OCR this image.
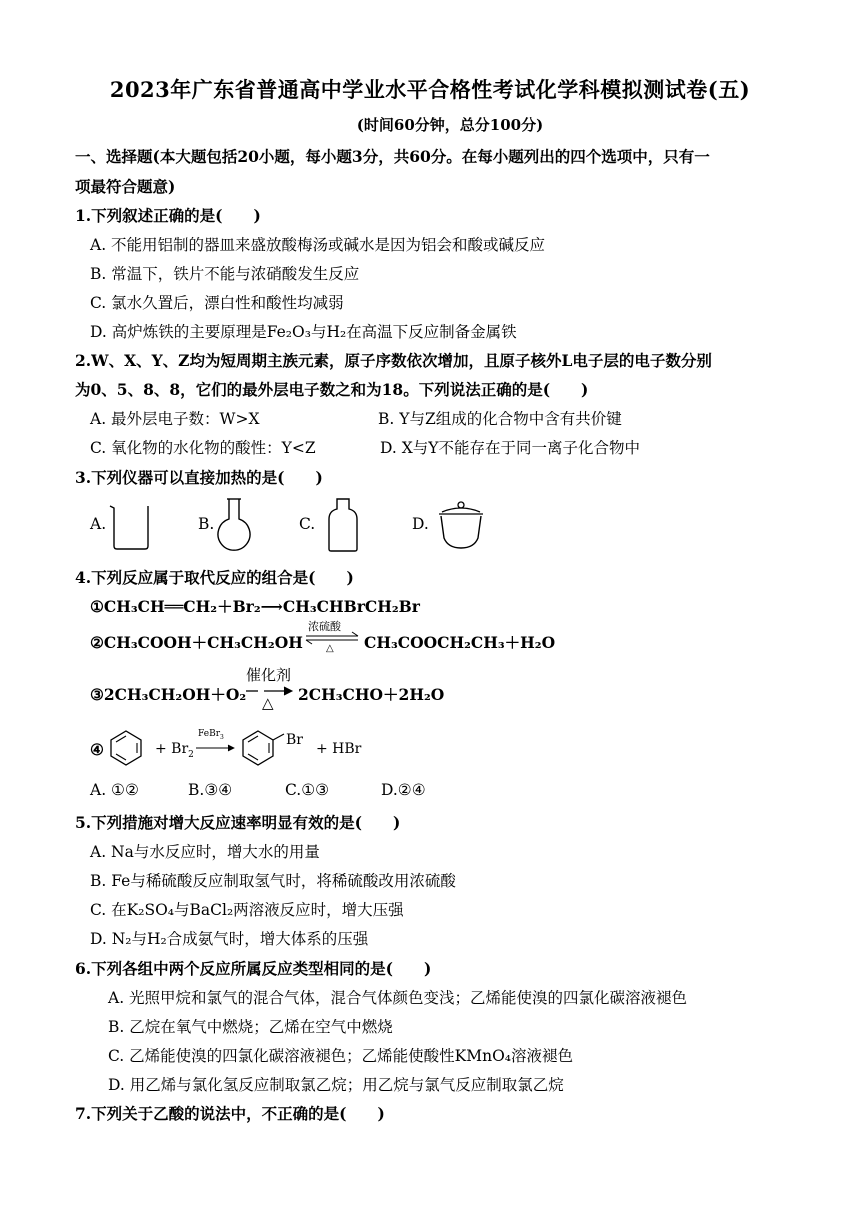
2023年广东省普通高中学业水平合格性考试化学科模拟测试卷(五)
(时间60分钟，总分100分)
一、选择题(本大题包括20小题，每小题3分，共60分。在每小题列出的四个选项中，只有一
项最符合题意)
1.下列叙述正确的是(　　)
A. 不能用铝制的器皿来盛放酸梅汤或碱水是因为铝会和酸或碱反应
B. 常温下，铁片不能与浓硝酸发生反应
C. 氯水久置后，漂白性和酸性均减弱
D. 高炉炼铁的主要原理是Fe₂O₃与H₂在高温下反应制备金属铁
2.W、X、Y、Z均为短周期主族元素，原子序数依次增加，且原子核外L电子层的电子数分别
为0、5、8、8，它们的最外层电子数之和为18。下列说法正确的是(　　)
A. 最外层电子数：W>X	B. Y与Z组成的化合物中含有共价键
C. 氧化物的水化物的酸性：Y<Z	D. X与Y不能存在于同一离子化合物中
3.下列仪器可以直接加热的是(　　)
A.	B.	C.	D.
4.下列反应属于取代反应的组合是(　　)
①CH₃CH══CH₂＋Br₂⟶CH₃CHBrCH₂Br
②CH₃COOH＋CH₃CH₂OH ⇌
浓硫酸
△ CH₃COOCH₂CH₃＋H₂O
③2CH₃CH₂OH＋O₂
催化剂
△ 2CH₃CHO＋2H₂O
④	+ $Br_2$
FeBr$_3$	Br
+ HBr
A. ①②	B.③④	C.①③	D.②④
5.下列措施对增大反应速率明显有效的是(　　)
A. Na与水反应时，增大水的用量
B. Fe与稀硫酸反应制取氢气时，将稀硫酸改用浓硫酸
C. 在K₂SO₄与BaCl₂两溶液反应时，增大压强
D. N₂与H₂合成氨气时，增大体系的压强
6.下列各组中两个反应所属反应类型相同的是(　　)
A. 光照甲烷和氯气的混合气体，混合气体颜色变浅；乙烯能使溴的四氯化碳溶液褪色
B. 乙烷在氧气中燃烧；乙烯在空气中燃烧
C. 乙烯能使溴的四氯化碳溶液褪色；乙烯能使酸性KMnO₄溶液褪色
D. 用乙烯与氯化氢反应制取氯乙烷；用乙烷与氯气反应制取氯乙烷
7.下列关于乙酸的说法中，不正确的是(　　)
